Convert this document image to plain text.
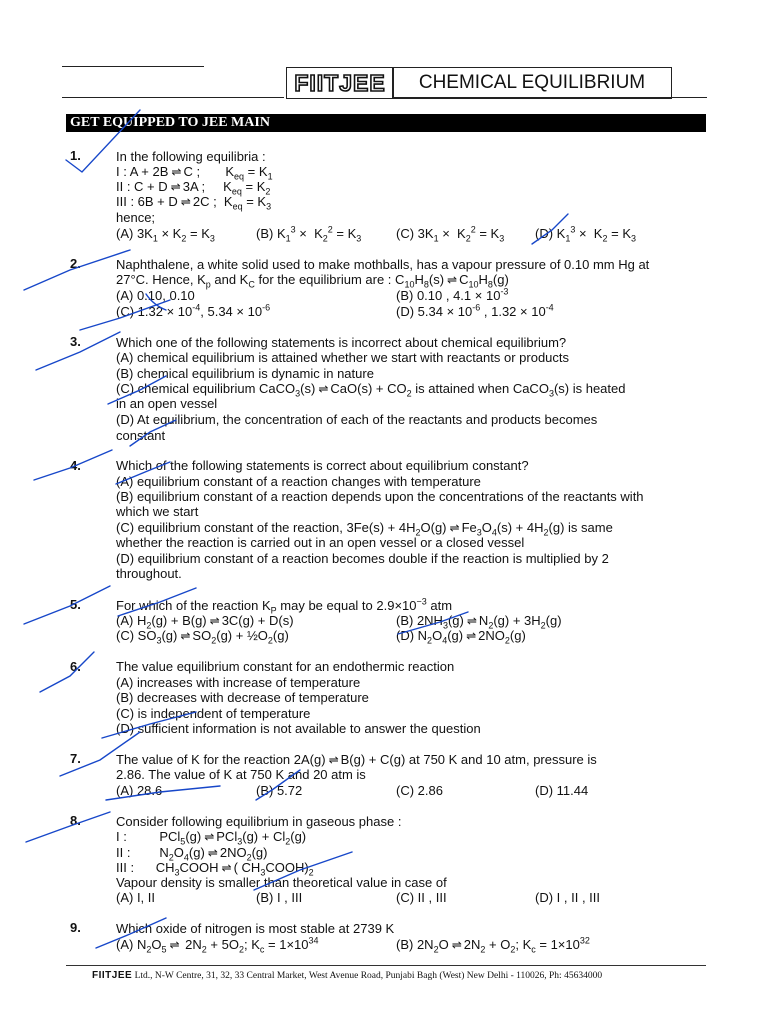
FIITJEE	CHEMICAL EQUILIBRIUM
GET EQUIPPED TO JEE MAIN
1.	In the following equilibria :
I : A + 2B ⇌ C ;       $K_{eq} = K_1$
II : C + D ⇌ 3A ;     $K_{eq} = K_2$
III : 6B + D ⇌ 2C ;  $K_{eq} = K_3$
hence;
(A) $3K_1 \times K_2 = K_3$	(B) $K_1^3 \times K_2^2 = K_3$	(C) $3K_1 \times K_2^2 = K_3$ (D) $K_1^3 \times K_2 = K_3$
2.	Naphthalene, a white solid used to make mothballs, has a vapour pressure of 0.10 mm Hg at
27°C. Hence, $K_p$ and $K_C$ for the equilibrium are : $C_{10}H_8(s)$ ⇌ $C_{10}H_8(g)$
(A) 0.10, 0.10	(B) 0.10 , $4.1 \times 10^{-3}$
(C) $1.32 \times 10^{-4}$, $5.34 \times 10^{-6}$	(D) $5.34 \times 10^{-6}$ , $1.32 \times 10^{-4}$
3.	Which one of the following statements is incorrect about chemical equilibrium?
(A) chemical equilibrium is attained whether we start with reactants or products
(B) chemical equilibrium is dynamic in nature
(C) chemical equilibrium CaCO$_3$(s) ⇌ $CaO(s) + CO_2$ is attained when CaCO$_3$(s) is heated
in an open vessel
(D) At equilibrium, the concentration of each of the reactants and products becomes
constant
4.	Which of the following statements is correct about equilibrium constant?
(A) equilibrium constant of a reaction changes with temperature
(B) equilibrium constant of a reaction depends upon the concentrations of the reactants with
which we start
(C) equilibrium constant of the reaction, $3Fe(s) + 4H_2O(g)$ ⇌ $Fe_3O_4(s) + 4H_2(g)$ is same
whether the reaction is carried out in an open vessel or a closed vessel
(D) equilibrium constant of a reaction becomes double if the reaction is multiplied by 2
throughout.
5.	For which of the reaction $K_P$ may be equal to $2.9\times 10^{-3}$ atm
(A) $H_2(g) + B(g)$ ⇌ 3C(g) + D(s)	(B) $2NH_3(g)$ ⇌ $N_2(g) + 3H_2(g)$
(C) $SO_3(g)$ ⇌ $SO_2(g)$ + $\frac{1}{2}O_2(g)$	(D) $N_2O_4(g)$ ⇌ $2NO_2(g)$
6.	The value equilibrium constant for an endothermic reaction
(A) increases with increase of temperature
(B) decreases with decrease of temperature
(C) is independent of temperature
(D) sufficient information is not available to answer the question
7.	The value of K for the reaction 2A(g) ⇌ B(g) + C(g) at 750 K and 10 atm, pressure is
2.86. The value of K at 750 K and 20 atm is
(A) 28.6	(B) 5.72	(C) 2.86	(D) 11.44
8.	Consider following equilibrium in gaseous phase :
I :         PCl$_5$(g) ⇌ $PCl_3(g) + Cl_2(g)$
II :        $N_2O_4(g)$ ⇌ $2NO_2(g)$
III :      $CH_3COOH$ ⇌ ( $CH_3COOH)_2$
Vapour density is smaller than theoretical value in case of
(A) I, II	(B) I , III	(C) II , III	(D) I , II , III
9.	Which oxide of nitrogen is most stable at 2739 K
(A) $N_2O_5$ ⇌ $2N_2 + 5O_2$; $K_c = 1\times 10^{34}$	(B) $2N_2O$ ⇌ $2N_2 + O_2$; $K_c = 1\times 10^{32}$
FIITJEE Ltd., N-W Centre, 31, 32, 33 Central Market, West Avenue Road, Punjabi Bagh (West) New Delhi - 110026, Ph: 45634000
